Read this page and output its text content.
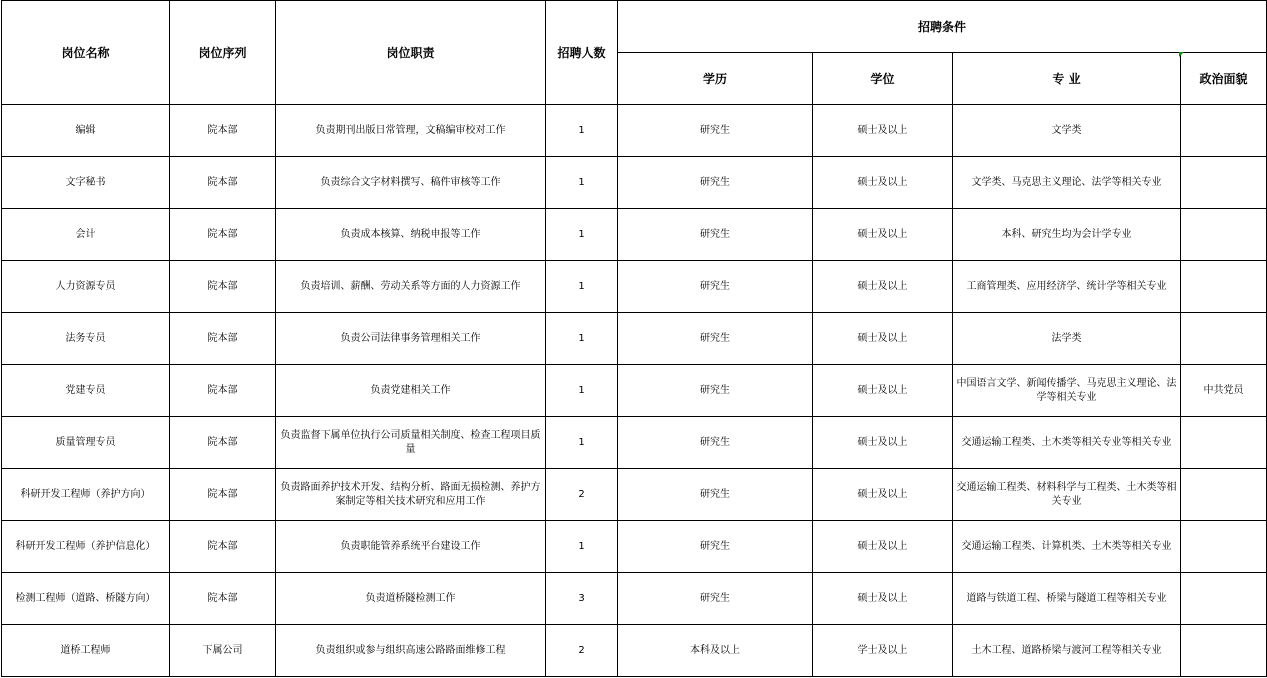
岗位名称	岗位序列	岗位职责	招聘人数	招聘条件			
				学历	学位	专 业	政治面貌
编辑	院本部	负责期刊出版日常管理，文稿编审校对工作	1	研究生	硕士及以上	文学类	
文字秘书	院本部	负责综合文字材料撰写、稿件审核等工作	1	研究生	硕士及以上	文学类、马克思主义理论、法学等相关专业	
会计	院本部	负责成本核算、纳税申报等工作	1	研究生	硕士及以上	本科、研究生均为会计学专业	
人力资源专员	院本部	负责培训、薪酬、劳动关系等方面的人力资源工作	1	研究生	硕士及以上	工商管理类、应用经济学、统计学等相关专业	
法务专员	院本部	负责公司法律事务管理相关工作	1	研究生	硕士及以上	法学类	
党建专员	院本部	负责党建相关工作	1	研究生	硕士及以上	中国语言文学、新闻传播学、马克思主义理论、法学等相关专业	中共党员
质量管理专员	院本部	负责监督下属单位执行公司质量相关制度、检查工程项目质量	1	研究生	硕士及以上	交通运输工程类、土木类等相关专业等相关专业	
科研开发工程师（养护方向）	院本部	负责路面养护技术开发、结构分析、路面无损检测、养护方案制定等相关技术研究和应用工作	2	研究生	硕士及以上	交通运输工程类、材料科学与工程类、土木类等相关专业	
科研开发工程师（养护信息化）	院本部	负责职能管养系统平台建设工作	1	研究生	硕士及以上	交通运输工程类、计算机类、土木类等相关专业	
检测工程师（道路、桥隧方向）	院本部	负责道桥隧检测工作	3	研究生	硕士及以上	道路与铁道工程、桥梁与隧道工程等相关专业	
道桥工程师	下属公司	负责组织或参与组织高速公路路面维修工程	2	本科及以上	学士及以上	土木工程、道路桥梁与渡河工程等相关专业	
